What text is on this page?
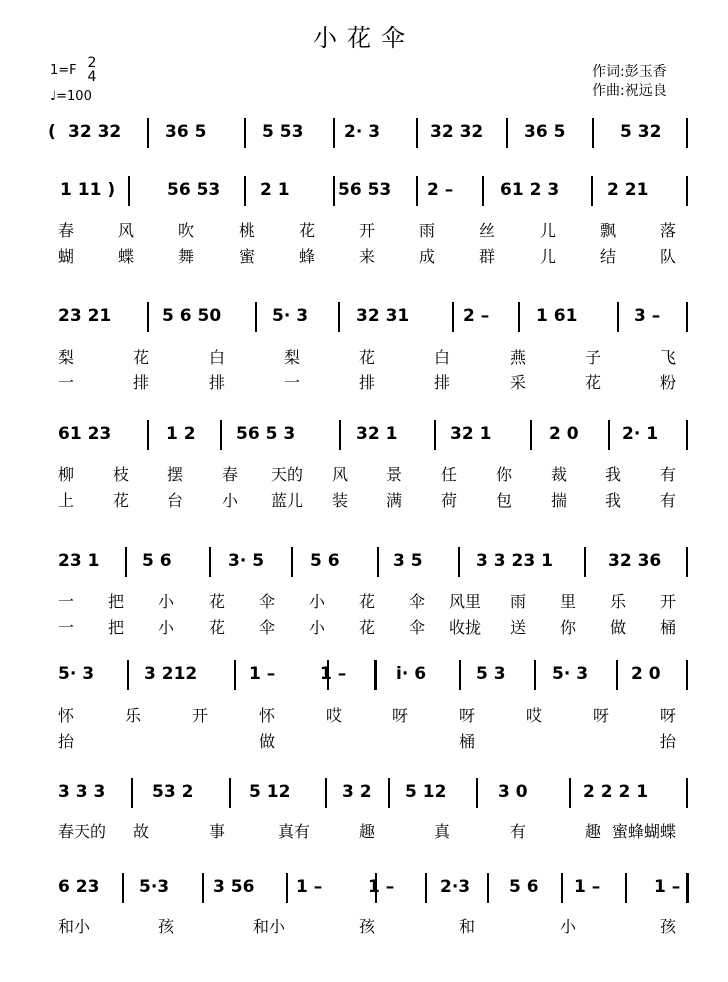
小花伞
1=F 2
4
♩=100
作词:彭玉香
作曲:祝远良
( 32 32	36 5	5 53 2· 3	32 32 36 5	5 32
1 11 )	56 53 2 1	56 53 2 –	61 2 3	2 21
春	风	吹	桃	花	开	雨	丝	儿	飘	落
蝴	蝶	舞	蜜	蜂	来	成	群	儿	结	队
23 21	5 6 50	5· 3	32 31	2 –	1 61	3 –
梨	花	白	梨	花	白	燕	子	飞
一	排	排	一	排	排	采	花	粉
61 23	1 2 56 5 3	32 1	32 1	2 0	2· 1
柳 枝 摆 春 天的 风 景 任 你 裁 我 有
上 花 台 小 蓝儿 装 满 荷 包 揣 我 有
23 1	5 6	3· 5	5 6	3 5	3 3 23 1	32 36
一 把 小 花 伞 小 花 伞 风里 雨 里 乐 开
一 把 小 花 伞 小 花 伞 收拢 送 你 做 桶
5· 3	3 212	1 –	1 –	i· 6	5 3	5· 3	2 0
怀	乐	开	怀	哎	呀	呀	哎	呀	呀
抬	做	桶	抬
3 3 3	53 2	5 12	3 2 5 12	3 0	2 2 2 1
春天的 故	事	真有	趣	真	有	趣 蜜蜂蝴蝶
6 23 5·3	3 56 1 –	1 –	2·3 5 6 1 –	1 –
和小	孩	和小	孩	和	小	孩
